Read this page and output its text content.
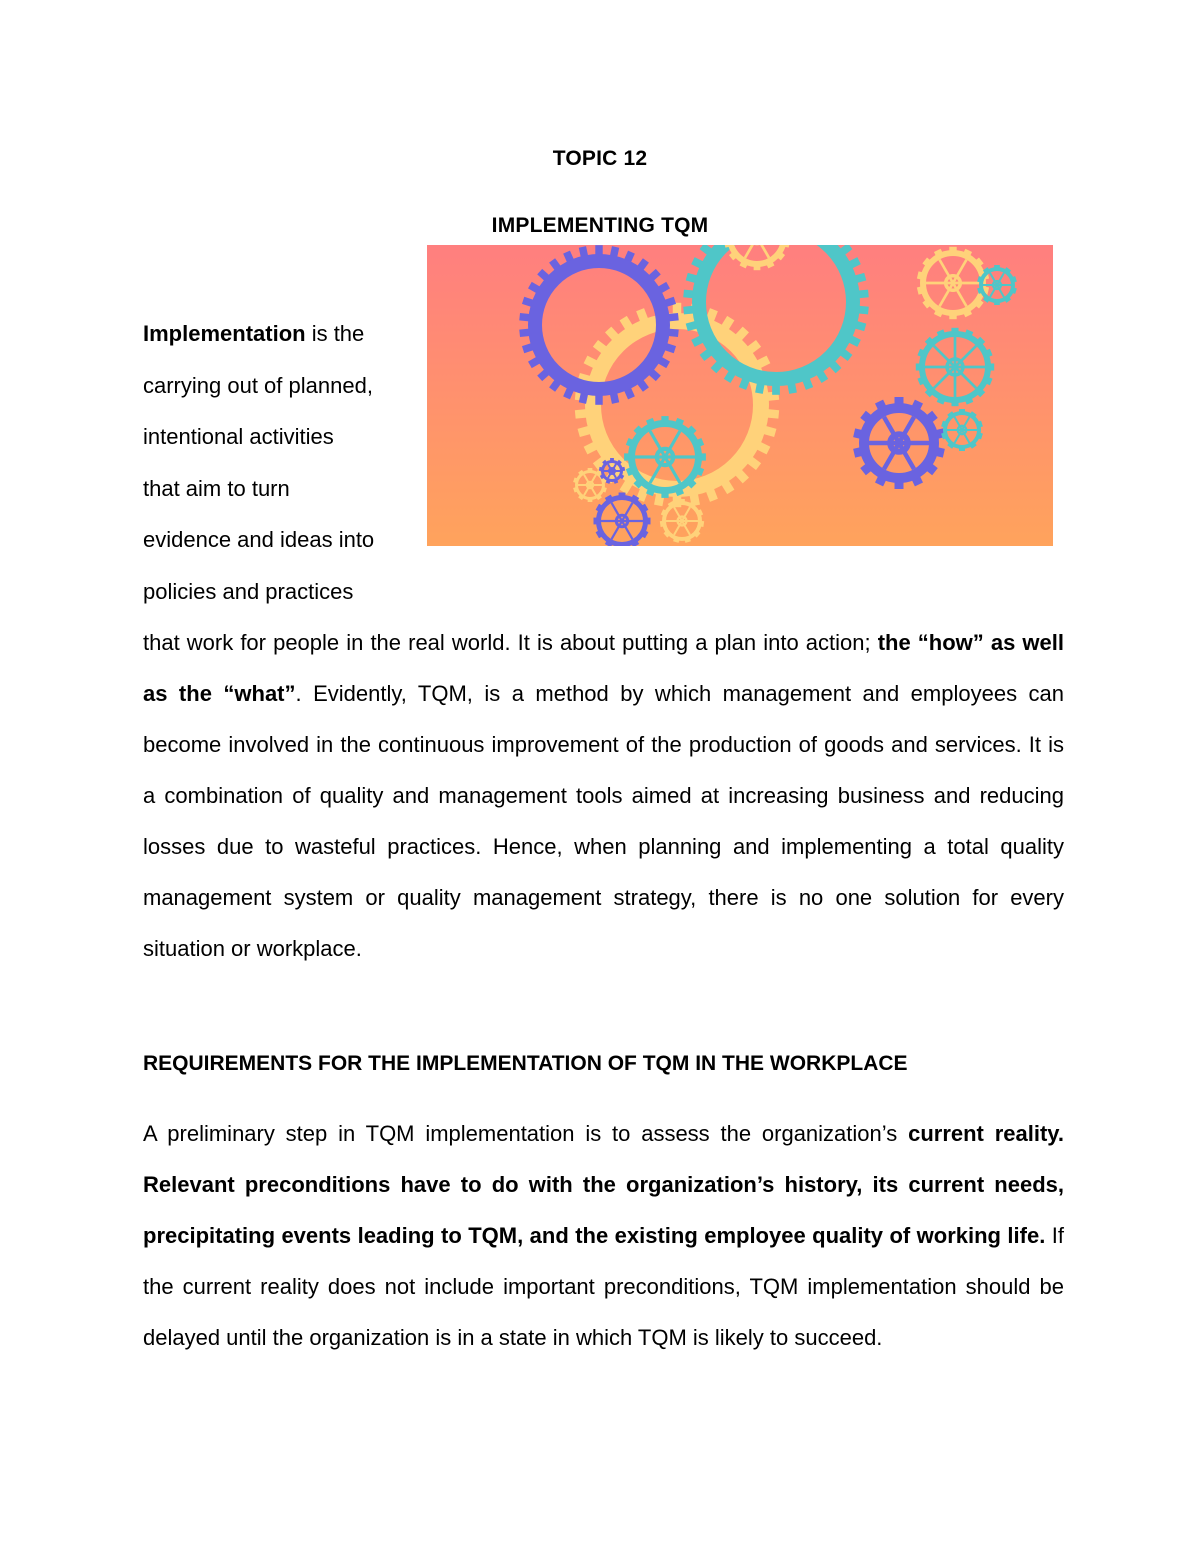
TOPIC 12
IMPLEMENTING TQM

Implementation is the

carrying out of planned,

intentional activities

that aim to turn

evidence and ideas into

policies and practices

that work for people in the real world. It is about putting a plan into action; the “how” as well as the “what”. Evidently, TQM, is a method by which management and employees can become involved in the continuous improvement of the production of goods and services. It is a combination of quality and management tools aimed at increasing business and reducing losses due to wasteful practices. Hence, when planning and implementing a total quality management system or quality management strategy, there is no one solution for every situation or workplace.
REQUIREMENTS FOR THE IMPLEMENTATION OF TQM IN THE WORKPLACE
A preliminary step in TQM implementation is to assess the organization’s current reality. Relevant preconditions have to do with the organization’s history, its current needs, precipitating events leading to TQM, and the existing employee quality of working life. If the current reality does not include important preconditions, TQM implementation should be delayed until the organization is in a state in which TQM is likely to succeed.
